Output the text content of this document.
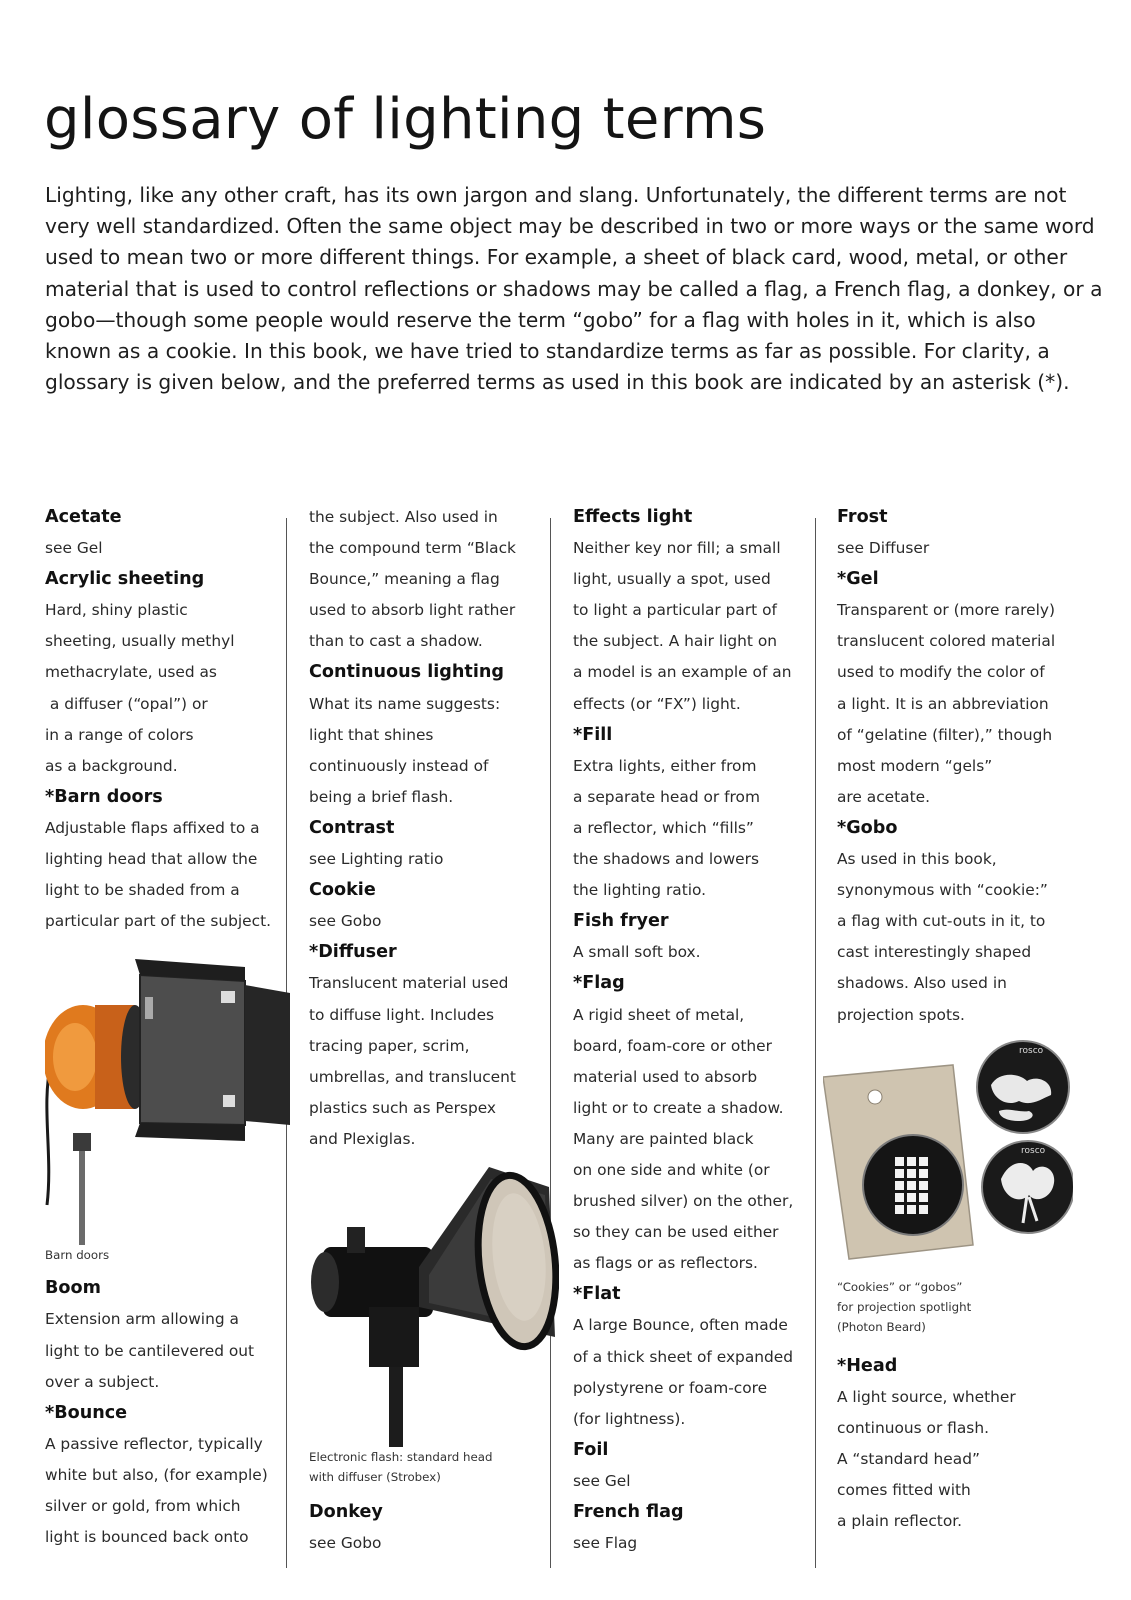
glossary of lighting terms

Lighting, like any other craft, has its own jargon and slang. Unfortunately, the different terms are not very well standardized. Often the same object may be described in two or more ways or the same word used to mean two or more different things. For example, a sheet of black card, wood, metal, or other material that is used to control reflections or shadows may be called a flag, a French flag, a donkey, or a gobo—though some people would reserve the term “gobo” for a flag with holes in it, which is also known as a cookie. In this book, we have tried to standardize terms as far as possible. For clarity, a glossary is given below, and the preferred terms as used in this book are indicated by an asterisk (*).

Acetate
see Gel
Acrylic sheeting
Hard, shiny plastic
sheeting, usually methyl
methacrylate, used as
a diffuser (“opal”) or
in a range of colors
as a background.
*Barn doors
Adjustable flaps affixed to a
lighting head that allow the
light to be shaded from a
particular part of the subject.
Barn doors
Boom
Extension arm allowing a
light to be cantilevered out
over a subject.
*Bounce
A passive reflector, typically
white but also, (for example)
silver or gold, from which
light is bounced back onto
the subject. Also used in
the compound term “Black
Bounce,” meaning a flag
used to absorb light rather
than to cast a shadow.
Continuous lighting
What its name suggests:
light that shines
continuously instead of
being a brief flash.
Contrast
see Lighting ratio
Cookie
see Gobo
*Diffuser
Translucent material used
to diffuse light. Includes
tracing paper, scrim,
umbrellas, and translucent
plastics such as Perspex
and Plexiglas.
Electronic flash: standard head
with diffuser (Strobex)
Donkey
see Gobo
Effects light
Neither key nor fill; a small
light, usually a spot, used
to light a particular part of
the subject. A hair light on
a model is an example of an
effects (or “FX”) light.
*Fill
Extra lights, either from
a separate head or from
a reflector, which “fills”
the shadows and lowers
the lighting ratio.
Fish fryer
A small soft box.
*Flag
A rigid sheet of metal,
board, foam-core or other
material used to absorb
light or to create a shadow.
Many are painted black
on one side and white (or
brushed silver) on the other,
so they can be used either
as flags or as reflectors.
*Flat
A large Bounce, often made
of a thick sheet of expanded
polystyrene or foam-core
(for lightness).
Foil
see Gel
French flag
see Flag
Frost
see Diffuser
*Gel
Transparent or (more rarely)
translucent colored material
used to modify the color of
a light. It is an abbreviation
of “gelatine (filter),” though
most modern “gels”
are acetate.
*Gobo
As used in this book,
synonymous with “cookie:”
a flag with cut-outs in it, to
cast interestingly shaped
shadows. Also used in
projection spots.
rosco
rosco
“Cookies” or “gobos”
for projection spotlight
(Photon Beard)
*Head
A light source, whether
continuous or flash.
A “standard head”
comes fitted with
a plain reflector.
